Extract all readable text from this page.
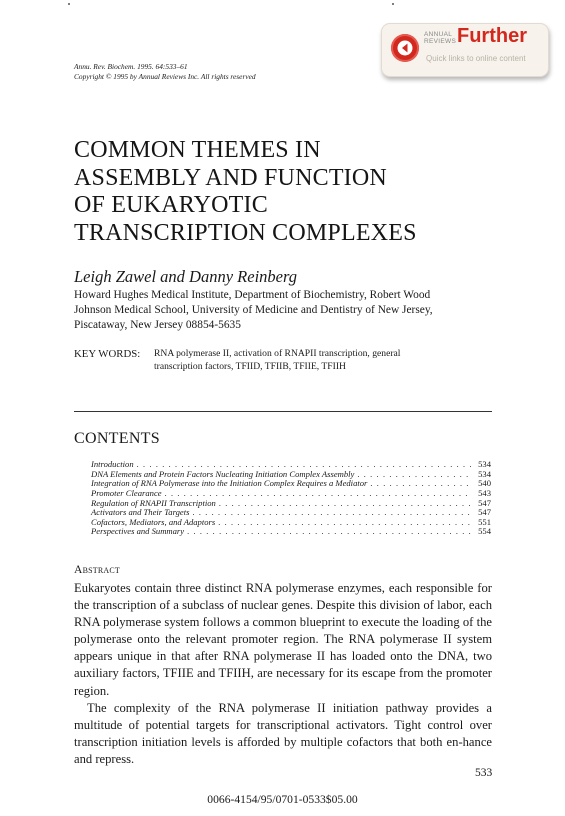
ANNUAL
REVIEWS Further
Quick links to online content
Annu. Rev. Biochem. 1995. 64:533–61
Copyright © 1995 by Annual Reviews Inc. All rights reserved
COMMON THEMES IN
ASSEMBLY AND FUNCTION
OF EUKARYOTIC
TRANSCRIPTION COMPLEXES
Leigh Zawel and Danny Reinberg
Howard Hughes Medical Institute, Department of Biochemistry, Robert Wood
Johnson Medical School, University of Medicine and Dentistry of New Jersey,
Piscataway, New Jersey 08854-5635
KEY WORDS: RNA polymerase II, activation of RNAPII transcription, general
transcription factors, TFIID, TFIIB, TFIIE, TFIIH
CONTENTS
Introduction . . .	534
DNA Elements and Protein Factors Nucleating Initiation Complex Assembly . . .	534
Integration of RNA Polymerase into the Initiation Complex Requires a Mediator . . .	540
Promoter Clearance . . .	543
Regulation of RNAPII Transcription . . .	547
Activators and Their Targets . . .	547
Cofactors, Mediators, and Adaptors . . .	551
Perspectives and Summary . . .	554
Abstract

Eukaryotes contain three distinct RNA polymerase enzymes, each responsible for the transcription of a subclass of nuclear genes. Despite this division of labor, each RNA polymerase system follows a common blueprint to execute the loading of the polymerase onto the relevant promoter region. The RNA polymerase II system appears unique in that after RNA polymerase II has loaded onto the DNA, two auxiliary factors, TFIIE and TFIIH, are necessary for its escape from the promoter region.

The complexity of the RNA polymerase II initiation pathway provides a multitude of potential targets for transcriptional activators. Tight control over transcription initiation levels is afforded by multiple cofactors that both en-hance and repress.

533
0066-4154/95/0701-0533$05.00
